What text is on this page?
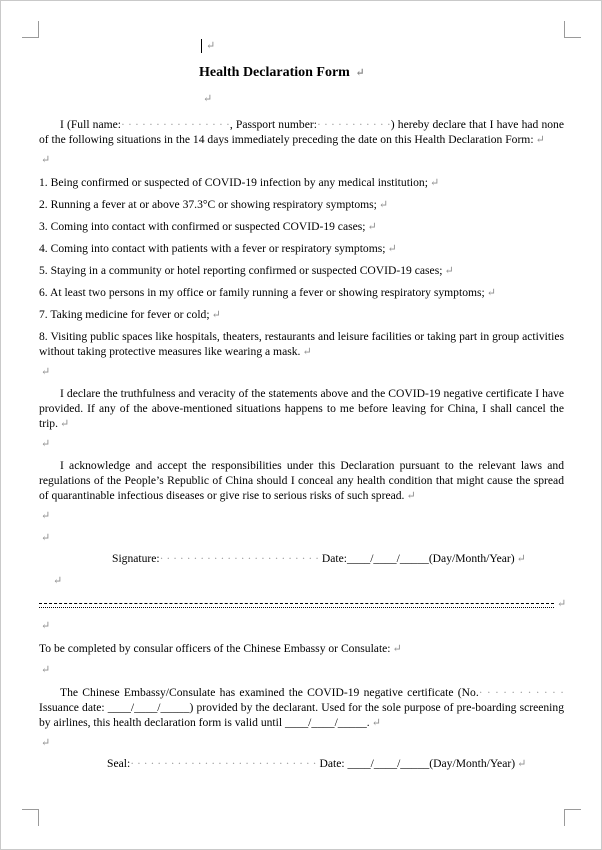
↵
Health Declaration Form ↵
↵
I (Full name:· · · · · · · · · · · · · · · ·, Passport number:· · · · · · · · · · ·) hereby declare that I have had none of the following situations in the 14 days immediately preceding the date on this Health Declaration Form: ↵
↵
1. Being confirmed or suspected of COVID-19 infection by any medical institution; ↵
2. Running a fever at or above 37.3°C or showing respiratory symptoms; ↵
3. Coming into contact with confirmed or suspected COVID-19 cases; ↵
4. Coming into contact with patients with a fever or respiratory symptoms; ↵
5. Staying in a community or hotel reporting confirmed or suspected COVID-19 cases; ↵
6. At least two persons in my office or family running a fever or showing respiratory symptoms; ↵
7. Taking medicine for fever or cold; ↵
8. Visiting public spaces like hospitals, theaters, restaurants and leisure facilities or taking part in group activities without taking protective measures like wearing a mask. ↵
↵
I declare the truthfulness and veracity of the statements above and the COVID-19 negative certificate I have provided. If any of the above-mentioned situations happens to me before leaving for China, I shall cancel the trip. ↵
↵
I acknowledge and accept the responsibilities under this Declaration pursuant to the relevant laws and regulations of the People’s Republic of China should I conceal any health condition that might cause the spread of quarantinable infectious diseases or give rise to serious risks of such spread. ↵
↵
↵
Signature:· · · · · · · · · · · · · · · · · · · · · · · · Date:____/____/_____(Day/Month/Year) ↵
↵
↵
↵
To be completed by consular officers of the Chinese Embassy or Consulate: ↵
↵
The Chinese Embassy/Consulate has examined the COVID-19 negative certificate (No.· · · · · · · · · · · Issuance date: ____/____/_____) provided by the declarant. Used for the sole purpose of pre-boarding screening by airlines, this health declaration form is valid until ____/____/_____. ↵
↵
Seal:· · · · · · · · · · · · · · · · · · · · · · · · · · · · Date: ____/____/_____(Day/Month/Year) ↵
